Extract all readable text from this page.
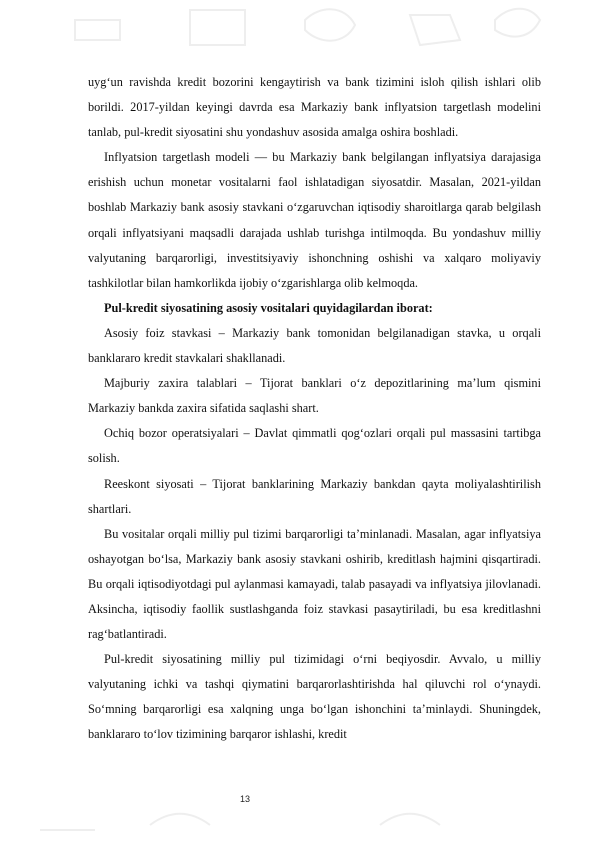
uyg‘un ravishda kredit bozorini kengaytirish va bank tizimini isloh qilish ishlari olib borildi. 2017-yildan keyingi davrda esa Markaziy bank inflyatsion targetlash modelini tanlab, pul-kredit siyosatini shu yondashuv asosida amalga oshira boshladi.

Inflyatsion targetlash modeli — bu Markaziy bank belgilangan inflyatsiya darajasiga erishish uchun monetar vositalarni faol ishlatadigan siyosatdir. Masalan, 2021-yildan boshlab Markaziy bank asosiy stavkani o‘zgaruvchan iqtisodiy sharoitlarga qarab belgilash orqali inflyatsiyani maqsadli darajada ushlab turishga intilmoqda. Bu yondashuv milliy valyutaning barqarorligi, investitsiyaviy ishonchning oshishi va xalqaro moliyaviy tashkilotlar bilan hamkorlikda ijobiy o‘zgarishlarga olib kelmoqda.

Pul-kredit siyosatining asosiy vositalari quyidagilardan iborat:

Asosiy foiz stavkasi – Markaziy bank tomonidan belgilanadigan stavka, u orqali banklararo kredit stavkalari shakllanadi.

Majburiy zaxira talablari – Tijorat banklari o‘z depozitlarining ma’lum qismini Markaziy bankda zaxira sifatida saqlashi shart.

Ochiq bozor operatsiyalari – Davlat qimmatli qog‘ozlari orqali pul massasini tartibga solish.

Reeskont siyosati – Tijorat banklarining Markaziy bankdan qayta moliyalashtirilish shartlari.

Bu vositalar orqali milliy pul tizimi barqarorligi ta’minlanadi. Masalan, agar inflyatsiya oshayotgan bo‘lsa, Markaziy bank asosiy stavkani oshirib, kreditlash hajmini qisqartiradi. Bu orqali iqtisodiyotdagi pul aylanmasi kamayadi, talab pasayadi va inflyatsiya jilovlanadi. Aksincha, iqtisodiy faollik sustlashganda foiz stavkasi pasaytiriladi, bu esa kreditlashni rag‘batlantiradi.

Pul-kredit siyosatining milliy pul tizimidagi o‘rni beqiyosdir. Avvalo, u milliy valyutaning ichki va tashqi qiymatini barqarorlashtirishda hal qiluvchi rol o‘ynaydi. So‘mning barqarorligi esa xalqning unga bo‘lgan ishonchini ta’minlaydi. Shuningdek, banklararo to‘lov tizimining barqaror ishlashi, kredit

13
